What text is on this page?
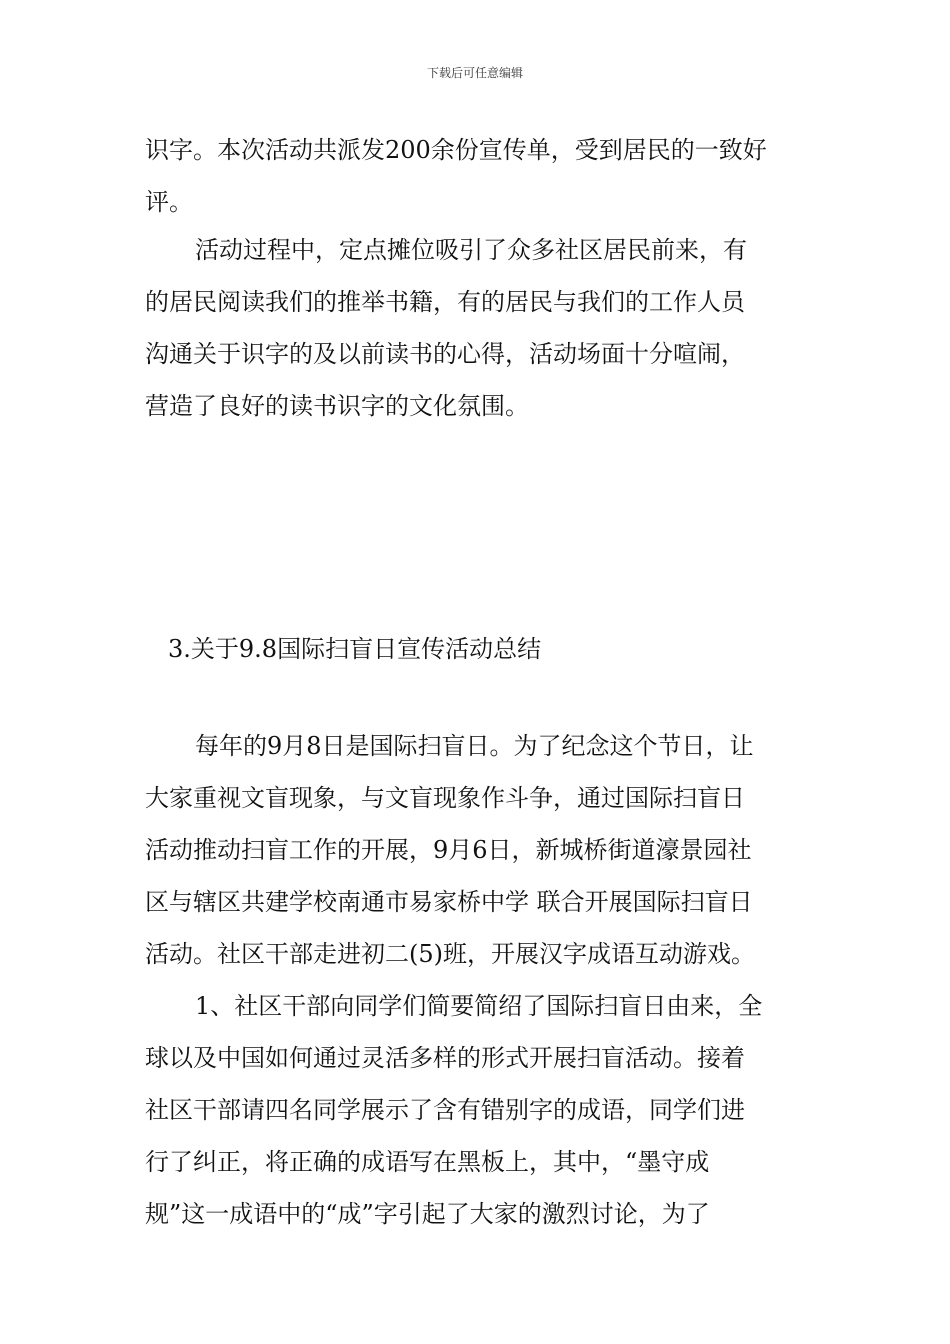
下载后可任意编辑
识字。本次活动共派发200余份宣传单，受到居民的一致好
评。
活动过程中，定点摊位吸引了众多社区居民前来，有
的居民阅读我们的推举书籍，有的居民与我们的工作人员
沟通关于识字的及以前读书的心得，活动场面十分喧闹，
营造了良好的读书识字的文化氛围。
3.关于9.8国际扫盲日宣传活动总结
每年的9月8日是国际扫盲日。为了纪念这个节日，让
大家重视文盲现象，与文盲现象作斗争，通过国际扫盲日
活动推动扫盲工作的开展，9月6日，新城桥街道濠景园社
区与辖区共建学校南通市易家桥中学 联合开展国际扫盲日
活动。社区干部走进初二(5)班，开展汉字成语互动游戏。
1、社区干部向同学们简要简绍了国际扫盲日由来，全
球以及中国如何通过灵活多样的形式开展扫盲活动。接着
社区干部请四名同学展示了含有错别字的成语，同学们进
行了纠正，将正确的成语写在黑板上，其中，“墨守成
规”这一成语中的“成”字引起了大家的激烈讨论，为了
